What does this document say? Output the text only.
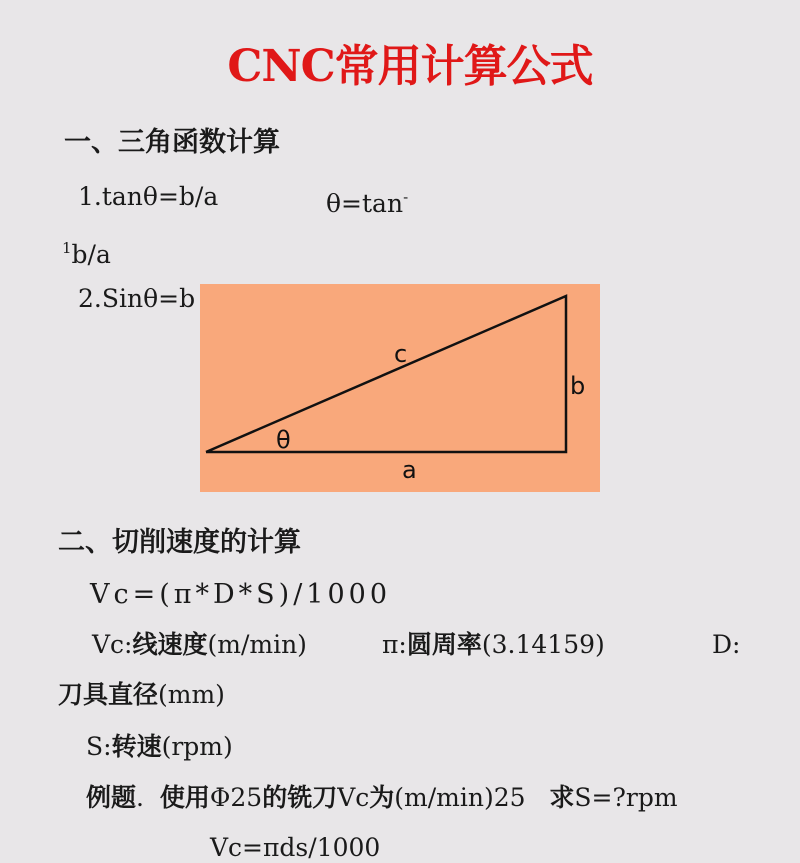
CNC常用计算公式
一、三角函数计算
1.tanθ=b/a	θ=tan-
$^1$b/a
2.Sinθ=b
c
b
a
θ
二、切削速度的计算
Vc=(π*D*S)/1000
Vc:线速度(m/min)	π:圆周率(3.14159)	D:
刀具直径(mm)
S:转速(rpm)
例题. 使用Φ25的铣刀Vc为(m/min)25 求S=?rpm
Vc=πds/1000
